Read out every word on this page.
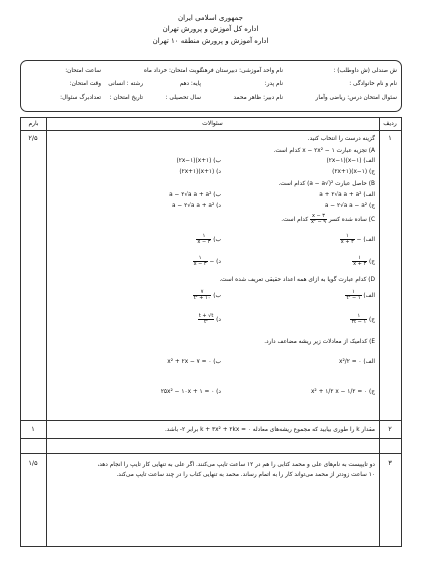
جمهوری اسلامی ایران
اداره کل آموزش و پرورش تهران
اداره آموزش و پرورش منطقه ۱۰ تهران
ش صندلی (ش داوطلب) :
نام و نام خانوادگی :
سئوال امتحان درس: ریاضی وآمار
نام واحد آموزشی: دبیرستان فرهنگ
نام پدر:
نام دبیر: ظاهر محمد
نوبت امتحان: خرداد ماه
پایه: دهم
سال تحصیلی :
رشته : انسانی
تاریخ امتحان :
ساعت امتحان:
وقت امتحان:
تعدادبرگ سئوال:
بارم	سئوالات	ردیف
۱
۲/۵	گزینه درست را انتخاب کنید.
A) تجزیه عبارت ۱ − x − ۲x² کدام است.
الف) (x−۱)(۲x−۱)
ب) (x+۱)(۲x−۱)
ج) (x−۱)(۲x+۱)
د) (x+۱)(۲x+۱)
B) حاصل عبارت ²(√a − a) کدام است.
الف) a + ۲√a a + a²
ب) a − ۲√a a + a²
ج) a − ۲√a a − a²
د) a − ۲√a a + a²
C) ساده شده کسر
$\frac{x - ۳}{\text{x² − ۹}}$
کدام است.
الف) −
$\frac{۱}{x + ۳}$
ب)
$\frac{۱}{x - ۳}$
ج)
$\frac{۱}{x + ۳}$
د) −
$\frac{۱}{x - ۳}$
D) کدام عبارت گویا به ازای همه اعداد حقیقی تعریف شده است.
الف)
$\frac{۱}{\text{t² − ۱}}$
ب)
$\frac{۷}{\text{t² + ۱۰}}$
ج)
$\frac{۱}{۲t - ۱}$
د)
$\frac{t + √t}{\text{t²}}$
E) کدامیک از معادلات زیر ریشه مضاعف دارد.
الف) x²/۲ = ۰
ب) x² + ۲x − ۷ = ۰
ج) x² + ۱/۲ x − ۱/۲ = ۰
د) ۲۵x² − ۱۰x + ۱ = ۰
۲
۱	مقدار k را طوری بیابید که مجموع ریشه‌های معادله ۰ = k + ۳x² + ۲kx برابر ۲- باشد.
۳
۱/۵	دو تایپیست به نام‌های علی و محمد کتابی را هم در ۱۲ ساعت تایپ می‌کنند. اگر علی به تنهایی کار تایپ را انجام دهد،
۱۰ ساعت زودتر از محمد می‌تواند کار را به اتمام رساند. محمد به تنهایی کتاب را در چند ساعت تایپ می‌کند.
